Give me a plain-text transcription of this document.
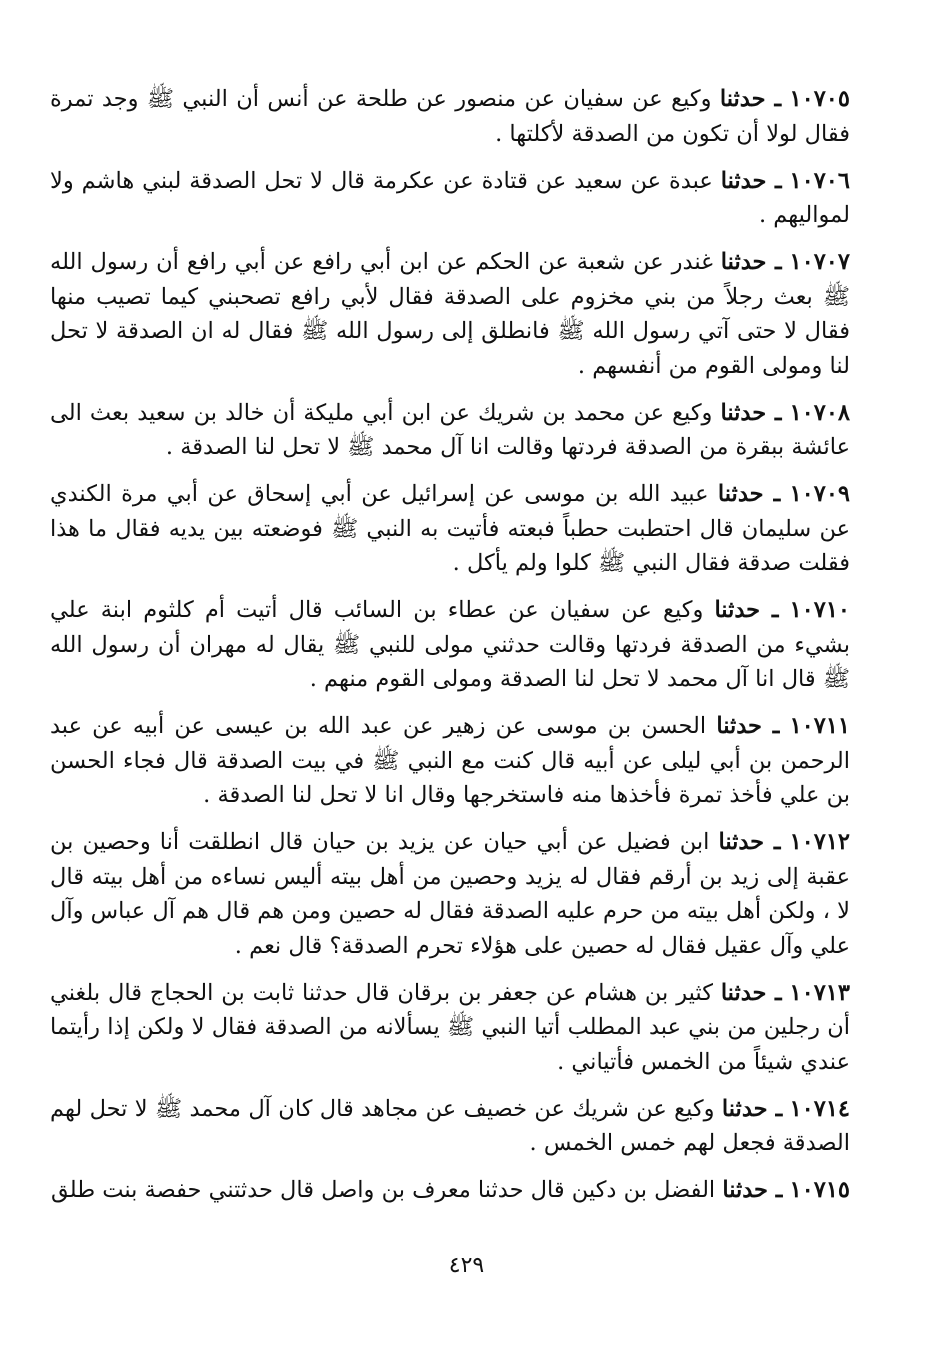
١٠٧٠٥ ـ حدثنا وكيع عن سفيان عن منصور عن طلحة عن أنس أن النبي ﷺ وجد تمرة فقال لولا أن تكون من الصدقة لأكلتها .

١٠٧٠٦ ـ حدثنا عبدة عن سعيد عن قتادة عن عكرمة قال لا تحل الصدقة لبني هاشم ولا لمواليهم .

١٠٧٠٧ ـ حدثنا غندر عن شعبة عن الحكم عن ابن أبي رافع عن أبي رافع أن رسول الله ﷺ بعث رجلاً من بني مخزوم على الصدقة فقال لأبي رافع تصحبني كيما تصيب منها فقال لا حتى آتي رسول الله ﷺ فانطلق إلى رسول الله ﷺ فقال له ان الصدقة لا تحل لنا ومولى القوم من أنفسهم .

١٠٧٠٨ ـ حدثنا وكيع عن محمد بن شريك عن ابن أبي مليكة أن خالد بن سعيد بعث الى عائشة ببقرة من الصدقة فردتها وقالت انا آل محمد ﷺ لا تحل لنا الصدقة .

١٠٧٠٩ ـ حدثنا عبيد الله بن موسى عن إسرائيل عن أبي إسحاق عن أبي مرة الكندي عن سليمان قال احتطبت حطباً فبعته فأتيت به النبي ﷺ فوضعته بين يديه فقال ما هذا فقلت صدقة فقال النبي ﷺ كلوا ولم يأكل .

١٠٧١٠ ـ حدثنا وكيع عن سفيان عن عطاء بن السائب قال أتيت أم كلثوم ابنة علي بشيء من الصدقة فردتها وقالت حدثني مولى للنبي ﷺ يقال له مهران أن رسول الله ﷺ قال انا آل محمد لا تحل لنا الصدقة ومولى القوم منهم .

١٠٧١١ ـ حدثنا الحسن بن موسى عن زهير عن عبد الله بن عيسى عن أبيه عن عبد الرحمن بن أبي ليلى عن أبيه قال كنت مع النبي ﷺ في بيت الصدقة قال فجاء الحسن بن علي فأخذ تمرة فأخذها منه فاستخرجها وقال انا لا تحل لنا الصدقة .

١٠٧١٢ ـ حدثنا ابن فضيل عن أبي حيان عن يزيد بن حيان قال انطلقت أنا وحصين بن عقبة إلى زيد بن أرقم فقال له يزيد وحصين من أهل بيته أليس نساءه من أهل بيته قال لا ، ولكن أهل بيته من حرم عليه الصدقة فقال له حصين ومن هم قال هم آل عباس وآل علي وآل عقيل فقال له حصين على هؤلاء تحرم الصدقة؟ قال نعم .

١٠٧١٣ ـ حدثنا كثير بن هشام عن جعفر بن برقان قال حدثنا ثابت بن الحجاج قال بلغني أن رجلين من بني عبد المطلب أتيا النبي ﷺ يسألانه من الصدقة فقال لا ولكن إذا رأيتما عندي شيئاً من الخمس فأتياني .

١٠٧١٤ ـ حدثنا وكيع عن شريك عن خصيف عن مجاهد قال كان آل محمد ﷺ لا تحل لهم الصدقة فجعل لهم خمس الخمس .

١٠٧١٥ ـ حدثنا الفضل بن دكين قال حدثنا معرف بن واصل قال حدثتني حفصة بنت طلق

٤٢٩
